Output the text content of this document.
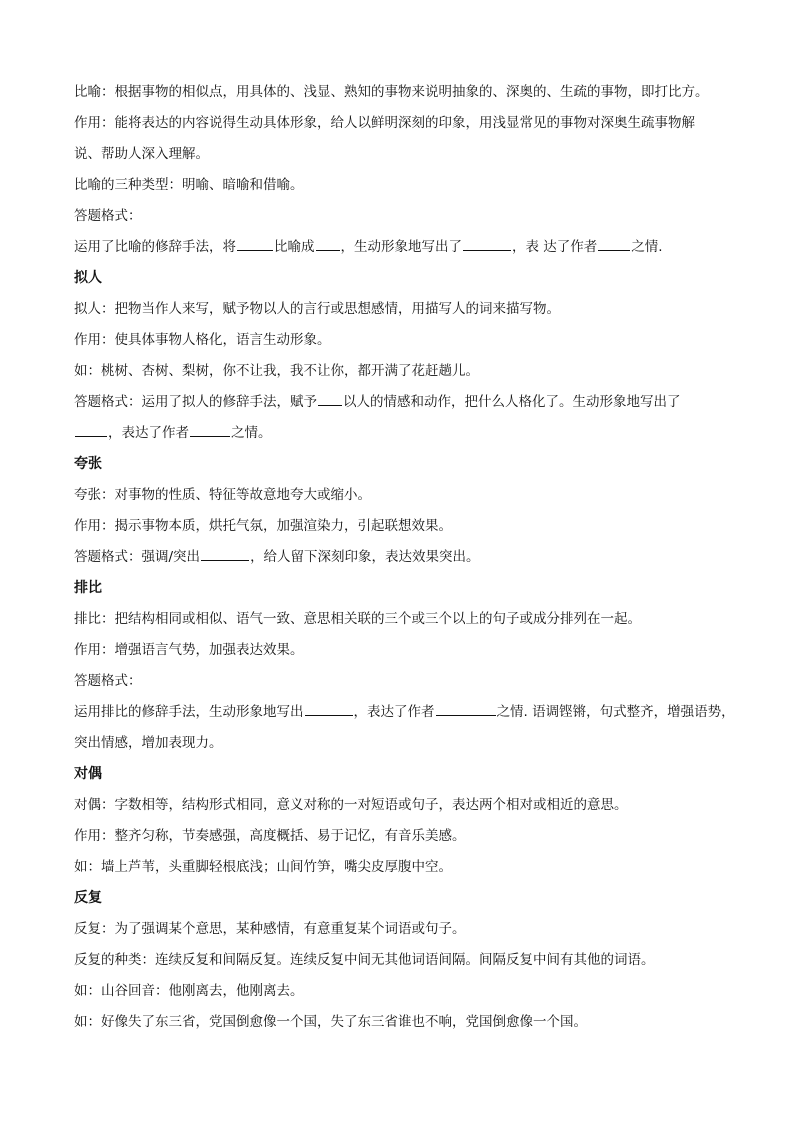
比喻：根据事物的相似点，用具体的、浅显、熟知的事物来说明抽象的、深奥的、生疏的事物，即打比方。
作用：能将表达的内容说得生动具体形象，给人以鲜明深刻的印象，用浅显常见的事物对深奥生疏事物解
说、帮助人深入理解。
比喻的三种类型：明喻、暗喻和借喻。
答题格式：
运用了比喻的修辞手法，将	比喻成 ，生动形象地写出了	，表 达了作者	之情.
拟人
拟人：把物当作人来写，赋予物以人的言行或思想感情，用描写人的词来描写物。
作用：使具体事物人格化，语言生动形象。
如：桃树、杏树、梨树，你不让我，我不让你，都开满了花赶趟儿。
答题格式：运用了拟人的修辞手法，赋予 以人的情感和动作，把什么人格化了。生动形象地写出了
，表达了作者	之情。
夸张
夸张：对事物的性质、特征等故意地夸大或缩小。
作用：揭示事物本质，烘托气氛，加强渲染力，引起联想效果。
答题格式：强调/突出	，给人留下深刻印象，表达效果突出。
排比
排比：把结构相同或相似、语气一致、意思相关联的三个或三个以上的句子或成分排列在一起。
作用：增强语言气势，加强表达效果。
答题格式：
运用排比的修辞手法，生动形象地写出	，表达了作者	之情. 语调铿锵，句式整齐，增强语势，
突出情感，增加表现力。
对偶
对偶：字数相等，结构形式相同，意义对称的一对短语或句子，表达两个相对或相近的意思。
作用：整齐匀称，节奏感强，高度概括、易于记忆，有音乐美感。
如：墙上芦苇，头重脚轻根底浅；山间竹笋，嘴尖皮厚腹中空。
反复
反复：为了强调某个意思，某种感情，有意重复某个词语或句子。
反复的种类：连续反复和间隔反复。连续反复中间无其他词语间隔。间隔反复中间有其他的词语。
如：山谷回音：他刚离去，他刚离去。
如：好像失了东三省，党国倒愈像一个国，失了东三省谁也不响，党国倒愈像一个国。
